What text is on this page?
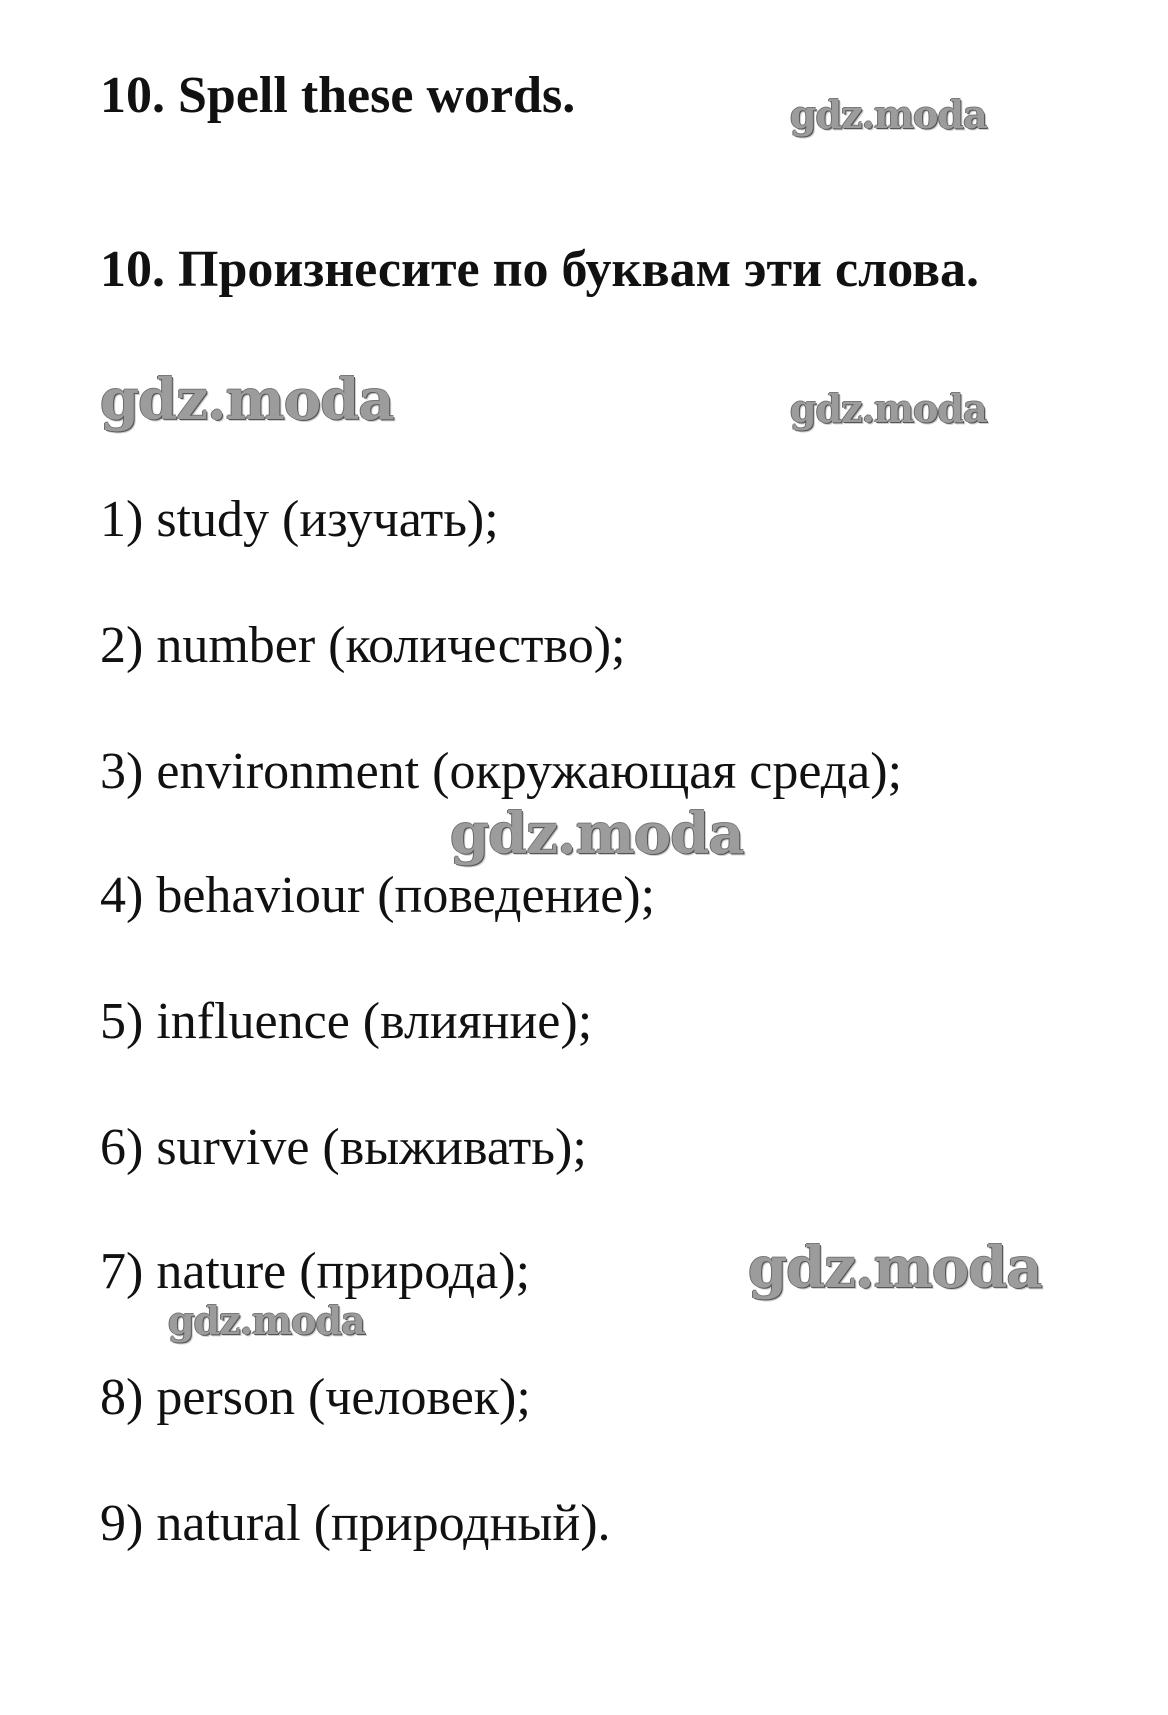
10. Spell these words.
10. Произнесите по буквам эти слова.
1) study (изучать);
2) number (количество);
3) environment (окружающая среда);
4) behaviour (поведение);
5) influence (влияние);
6) survive (выживать);
7) nature (природа);
8) person (человек);
9) natural (природный).
gdz.moda
gdz.moda	gdz.moda
gdz.moda
gdz.moda
gdz.moda
